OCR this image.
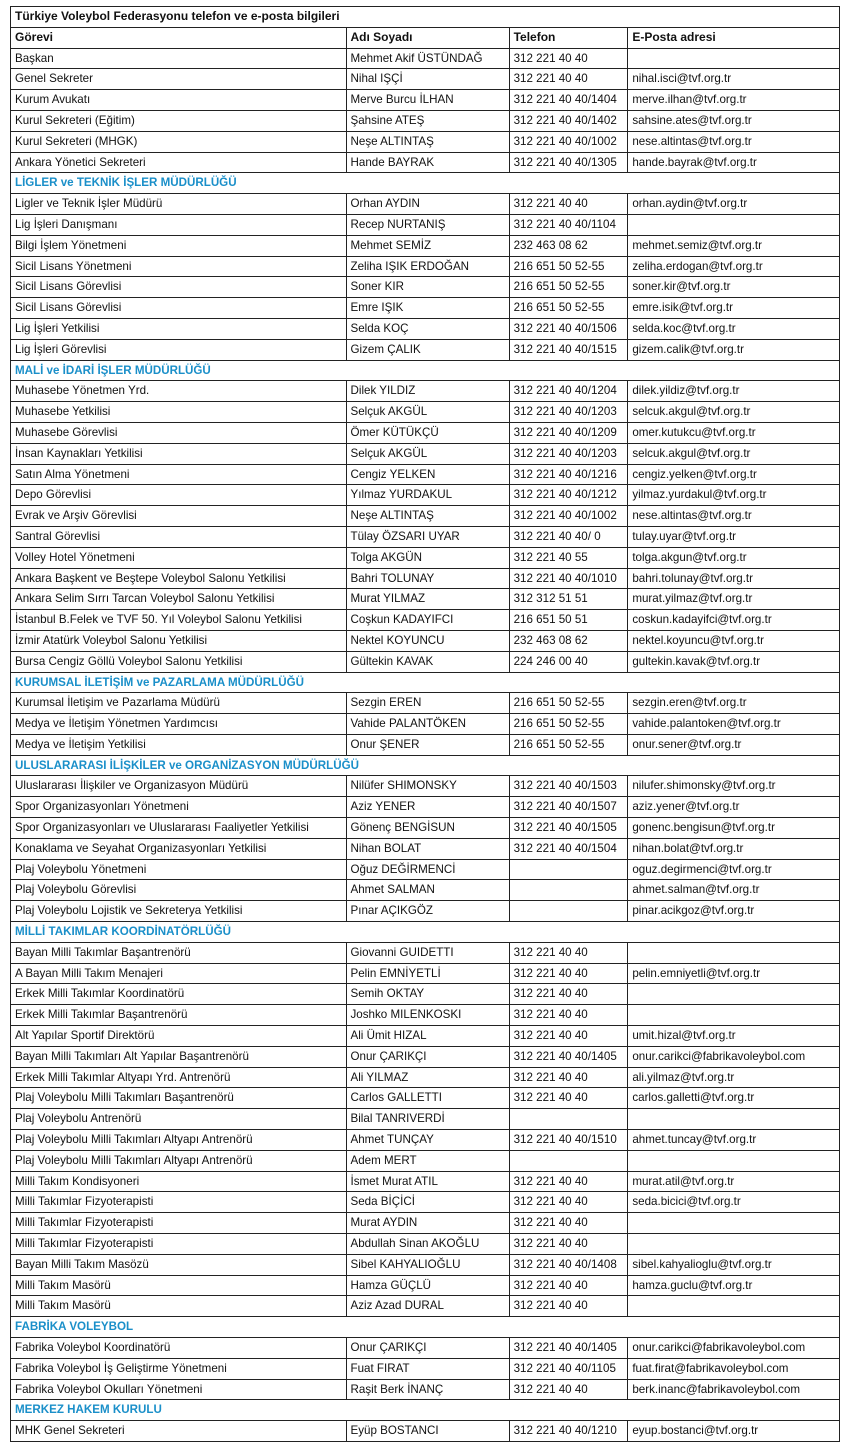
Türkiye Voleybol Federasyonu telefon ve e-posta bilgileri			
Görevi	Adı Soyadı	Telefon	E-Posta adresi
Başkan	Mehmet Akif ÜSTÜNDAĞ	312 221 40 40	
Genel Sekreter	Nihal IŞÇİ	312 221 40 40	nihal.isci@tvf.org.tr
Kurum Avukatı	Merve Burcu İLHAN	312 221 40 40/1404	merve.ilhan@tvf.org.tr
Kurul Sekreteri (Eğitim)	Şahsine ATEŞ	312 221 40 40/1402	sahsine.ates@tvf.org.tr
Kurul Sekreteri (MHGK)	Neşe ALTINTAŞ	312 221 40 40/1002	nese.altintas@tvf.org.tr
Ankara Yönetici Sekreteri	Hande BAYRAK	312 221 40 40/1305	hande.bayrak@tvf.org.tr
LİGLER ve TEKNİK İŞLER MÜDÜRLÜĞÜ			
Ligler ve Teknik İşler Müdürü	Orhan AYDIN	312 221 40 40	orhan.aydin@tvf.org.tr
Lig İşleri Danışmanı	Recep NURTANIŞ	312 221 40 40/1104	
Bilgi İşlem Yönetmeni	Mehmet SEMİZ	232 463 08 62	mehmet.semiz@tvf.org.tr
Sicil Lisans Yönetmeni	Zeliha IŞIK ERDOĞAN	216 651 50 52-55	zeliha.erdogan@tvf.org.tr
Sicil Lisans Görevlisi	Soner KIR	216 651 50 52-55	soner.kir@tvf.org.tr
Sicil Lisans Görevlisi	Emre IŞIK	216 651 50 52-55	emre.isik@tvf.org.tr
Lig İşleri Yetkilisi	Selda KOÇ	312 221 40 40/1506	selda.koc@tvf.org.tr
Lig İşleri Görevlisi	Gizem ÇALIK	312 221 40 40/1515	gizem.calik@tvf.org.tr
MALİ ve İDARİ İŞLER MÜDÜRLÜĞÜ			
Muhasebe Yönetmen Yrd.	Dilek YILDIZ	312 221 40 40/1204	dilek.yildiz@tvf.org.tr
Muhasebe Yetkilisi	Selçuk AKGÜL	312 221 40 40/1203	selcuk.akgul@tvf.org.tr
Muhasebe Görevlisi	Ömer KÜTÜKÇÜ	312 221 40 40/1209	omer.kutukcu@tvf.org.tr
İnsan Kaynakları Yetkilisi	Selçuk AKGÜL	312 221 40 40/1203	selcuk.akgul@tvf.org.tr
Satın Alma Yönetmeni	Cengiz YELKEN	312 221 40 40/1216	cengiz.yelken@tvf.org.tr
Depo Görevlisi	Yılmaz YURDAKUL	312 221 40 40/1212	yilmaz.yurdakul@tvf.org.tr
Evrak ve Arşiv Görevlisi	Neşe ALTINTAŞ	312 221 40 40/1002	nese.altintas@tvf.org.tr
Santral Görevlisi	Tülay ÖZSARI UYAR	312 221 40 40/ 0	tulay.uyar@tvf.org.tr
Volley Hotel Yönetmeni	Tolga AKGÜN	312 221 40 55	tolga.akgun@tvf.org.tr
Ankara Başkent ve Beştepe Voleybol Salonu Yetkilisi	Bahri TOLUNAY	312 221 40 40/1010	bahri.tolunay@tvf.org.tr
Ankara Selim Sırrı Tarcan Voleybol Salonu Yetkilisi	Murat YILMAZ	312 312 51 51	murat.yilmaz@tvf.org.tr
İstanbul B.Felek ve TVF 50. Yıl Voleybol Salonu Yetkilisi	Coşkun KADAYIFCI	216 651 50 51	coskun.kadayifci@tvf.org.tr
İzmir Atatürk Voleybol Salonu Yetkilisi	Nektel KOYUNCU	232 463 08 62	nektel.koyuncu@tvf.org.tr
Bursa Cengiz Göllü Voleybol Salonu Yetkilisi	Gültekin KAVAK	224 246 00 40	gultekin.kavak@tvf.org.tr
KURUMSAL İLETİŞİM ve PAZARLAMA MÜDÜRLÜĞÜ			
Kurumsal İletişim ve Pazarlama Müdürü	Sezgin EREN	216 651 50 52-55	sezgin.eren@tvf.org.tr
Medya ve İletişim Yönetmen Yardımcısı	Vahide PALANTÖKEN	216 651 50 52-55	vahide.palantoken@tvf.org.tr
Medya ve İletişim Yetkilisi	Onur ŞENER	216 651 50 52-55	onur.sener@tvf.org.tr
ULUSLARARASI İLİŞKİLER ve ORGANİZASYON MÜDÜRLÜĞÜ			
Uluslararası İlişkiler ve Organizasyon Müdürü	Nilüfer SHIMONSKY	312 221 40 40/1503	nilufer.shimonsky@tvf.org.tr
Spor Organizasyonları Yönetmeni	Aziz YENER	312 221 40 40/1507	aziz.yener@tvf.org.tr
Spor Organizasyonları ve Uluslararası Faaliyetler Yetkilisi	Gönenç BENGİSUN	312 221 40 40/1505	gonenc.bengisun@tvf.org.tr
Konaklama ve Seyahat Organizasyonları Yetkilisi	Nihan BOLAT	312 221 40 40/1504	nihan.bolat@tvf.org.tr
Plaj Voleybolu Yönetmeni	Oğuz DEĞİRMENCİ		oguz.degirmenci@tvf.org.tr
Plaj Voleybolu Görevlisi	Ahmet SALMAN		ahmet.salman@tvf.org.tr
Plaj Voleybolu Lojistik ve Sekreterya Yetkilisi	Pınar AÇIKGÖZ		pinar.acikgoz@tvf.org.tr
MİLLİ TAKIMLAR KOORDİNATÖRLÜĞÜ			
Bayan Milli Takımlar Başantrenörü	Giovanni GUIDETTI	312 221 40 40	
A Bayan Milli Takım Menajeri	Pelin EMNİYETLİ	312 221 40 40	pelin.emniyetli@tvf.org.tr
Erkek Milli Takımlar Koordinatörü	Semih OKTAY	312 221 40 40	
Erkek Milli Takımlar Başantrenörü	Joshko MILENKOSKI	312 221 40 40	
Alt Yapılar Sportif Direktörü	Ali Ümit HIZAL	312 221 40 40	umit.hizal@tvf.org.tr
Bayan Milli Takımları Alt Yapılar Başantrenörü	Onur ÇARIKÇI	312 221 40 40/1405	onur.carikci@fabrikavoleybol.com
Erkek Milli Takımlar Altyapı Yrd. Antrenörü	Ali YILMAZ	312 221 40 40	ali.yilmaz@tvf.org.tr
Plaj Voleybolu Milli Takımları Başantrenörü	Carlos GALLETTI	312 221 40 40	carlos.galletti@tvf.org.tr
Plaj Voleybolu Antrenörü	Bilal TANRIVERDİ		
Plaj Voleybolu Milli Takımları Altyapı Antrenörü	Ahmet TUNÇAY	312 221 40 40/1510	ahmet.tuncay@tvf.org.tr
Plaj Voleybolu Milli Takımları Altyapı Antrenörü	Adem MERT		
Milli Takım Kondisyoneri	İsmet Murat ATIL	312 221 40 40	murat.atil@tvf.org.tr
Milli Takımlar Fizyoterapisti	Seda BİÇİCİ	312 221 40 40	seda.bicici@tvf.org.tr
Milli Takımlar Fizyoterapisti	Murat AYDIN	312 221 40 40	
Milli Takımlar Fizyoterapisti	Abdullah Sinan AKOĞLU	312 221 40 40	
Bayan Milli Takım Masözü	Sibel KAHYALIOĞLU	312 221 40 40/1408	sibel.kahyalioglu@tvf.org.tr
Milli Takım Masörü	Hamza GÜÇLÜ	312 221 40 40	hamza.guclu@tvf.org.tr
Milli Takım Masörü	Aziz Azad DURAL	312 221 40 40	
FABRİKA VOLEYBOL			
Fabrika Voleybol Koordinatörü	Onur ÇARIKÇI	312 221 40 40/1405	onur.carikci@fabrikavoleybol.com
Fabrika Voleybol İş Geliştirme Yönetmeni	Fuat FIRAT	312 221 40 40/1105	fuat.firat@fabrikavoleybol.com
Fabrika Voleybol Okulları Yönetmeni	Raşit Berk İNANÇ	312 221 40 40	berk.inanc@fabrikavoleybol.com
MERKEZ HAKEM KURULU			
MHK Genel Sekreteri	Eyüp BOSTANCI	312 221 40 40/1210	eyup.bostanci@tvf.org.tr
